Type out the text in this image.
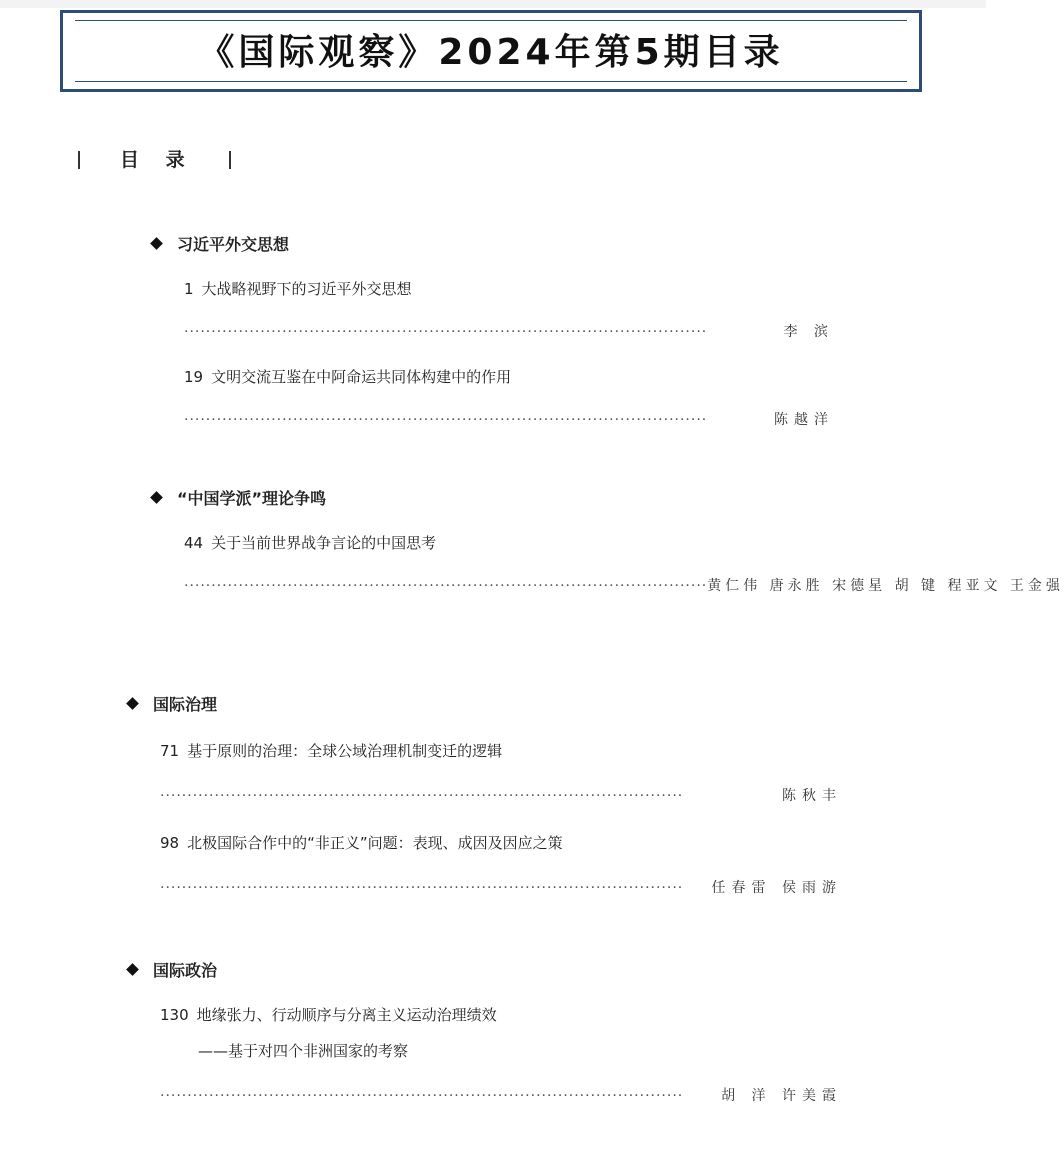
《国际观察》2024年第5期目录
目 录
习近平外交思想
1 大战略视野下的习近平外交思想
································································································	李 滨
19 文明交流互鉴在中阿命运共同体构建中的作用
································································································	陈越洋
“中国学派”理论争鸣
44 关于当前世界战争言论的中国思考
································································································ 黄仁伟 唐永胜 宋德星 胡 键 程亚文 王金强
国际治理
71 基于原则的治理：全球公域治理机制变迁的逻辑
································································································	陈秋丰
98 北极国际合作中的“非正义”问题：表现、成因及因应之策
································································································	任春雷 侯雨游
国际政治
130 地缘张力、行动顺序与分离主义运动治理绩效
——基于对四个非洲国家的考察
································································································	胡 洋 许美霞
